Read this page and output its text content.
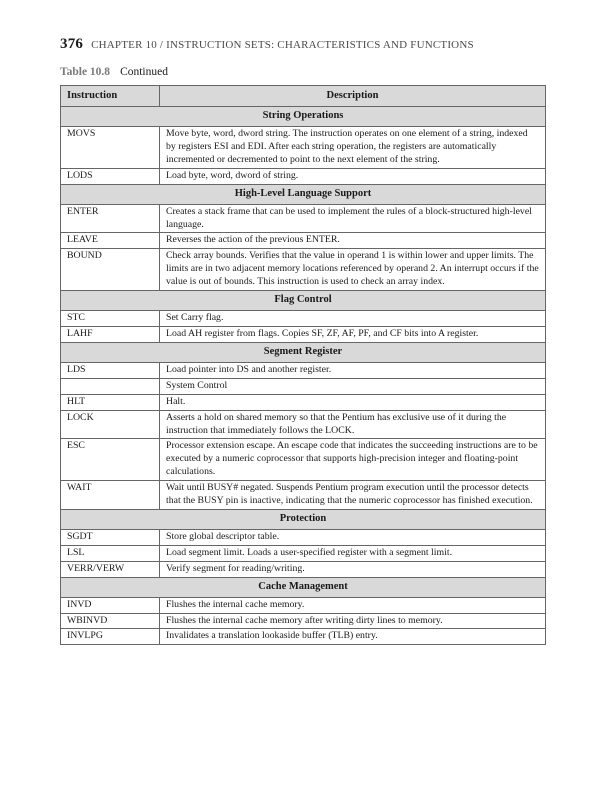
376 CHAPTER 10 / INSTRUCTION SETS: CHARACTERISTICS AND FUNCTIONS
Table 10.8 Continued
Instruction	Description
String Operations	
MOVS	Move byte, word, dword string. The instruction operates on one element of a string, indexed by registers ESI and EDI. After each string operation, the registers are automatically incremented or decremented to point to the next element of the string.
LODS	Load byte, word, dword of string.
High-Level Language Support	
ENTER	Creates a stack frame that can be used to implement the rules of a block-structured high-level language.
LEAVE	Reverses the action of the previous ENTER.
BOUND	Check array bounds. Verifies that the value in operand 1 is within lower and upper limits. The limits are in two adjacent memory locations referenced by operand 2. An interrupt occurs if the value is out of bounds. This instruction is used to check an array index.
Flag Control	
STC	Set Carry flag.
LAHF	Load AH register from flags. Copies SF, ZF, AF, PF, and CF bits into A register.
Segment Register	
LDS	Load pointer into DS and another register.
	System Control
HLT	Halt.
LOCK	Asserts a hold on shared memory so that the Pentium has exclusive use of it during the instruction that immediately follows the LOCK.
ESC	Processor extension escape. An escape code that indicates the succeeding instructions are to be executed by a numeric coprocessor that supports high-precision integer and floating-point calculations.
WAIT	Wait until BUSY# negated. Suspends Pentium program execution until the processor detects that the BUSY pin is inactive, indicating that the numeric coprocessor has finished execution.
Protection	
SGDT	Store global descriptor table.
LSL	Load segment limit. Loads a user-specified register with a segment limit.
VERR/VERW	Verify segment for reading/writing.
Cache Management	
INVD	Flushes the internal cache memory.
WBINVD	Flushes the internal cache memory after writing dirty lines to memory.
INVLPG	Invalidates a translation lookaside buffer (TLB) entry.
